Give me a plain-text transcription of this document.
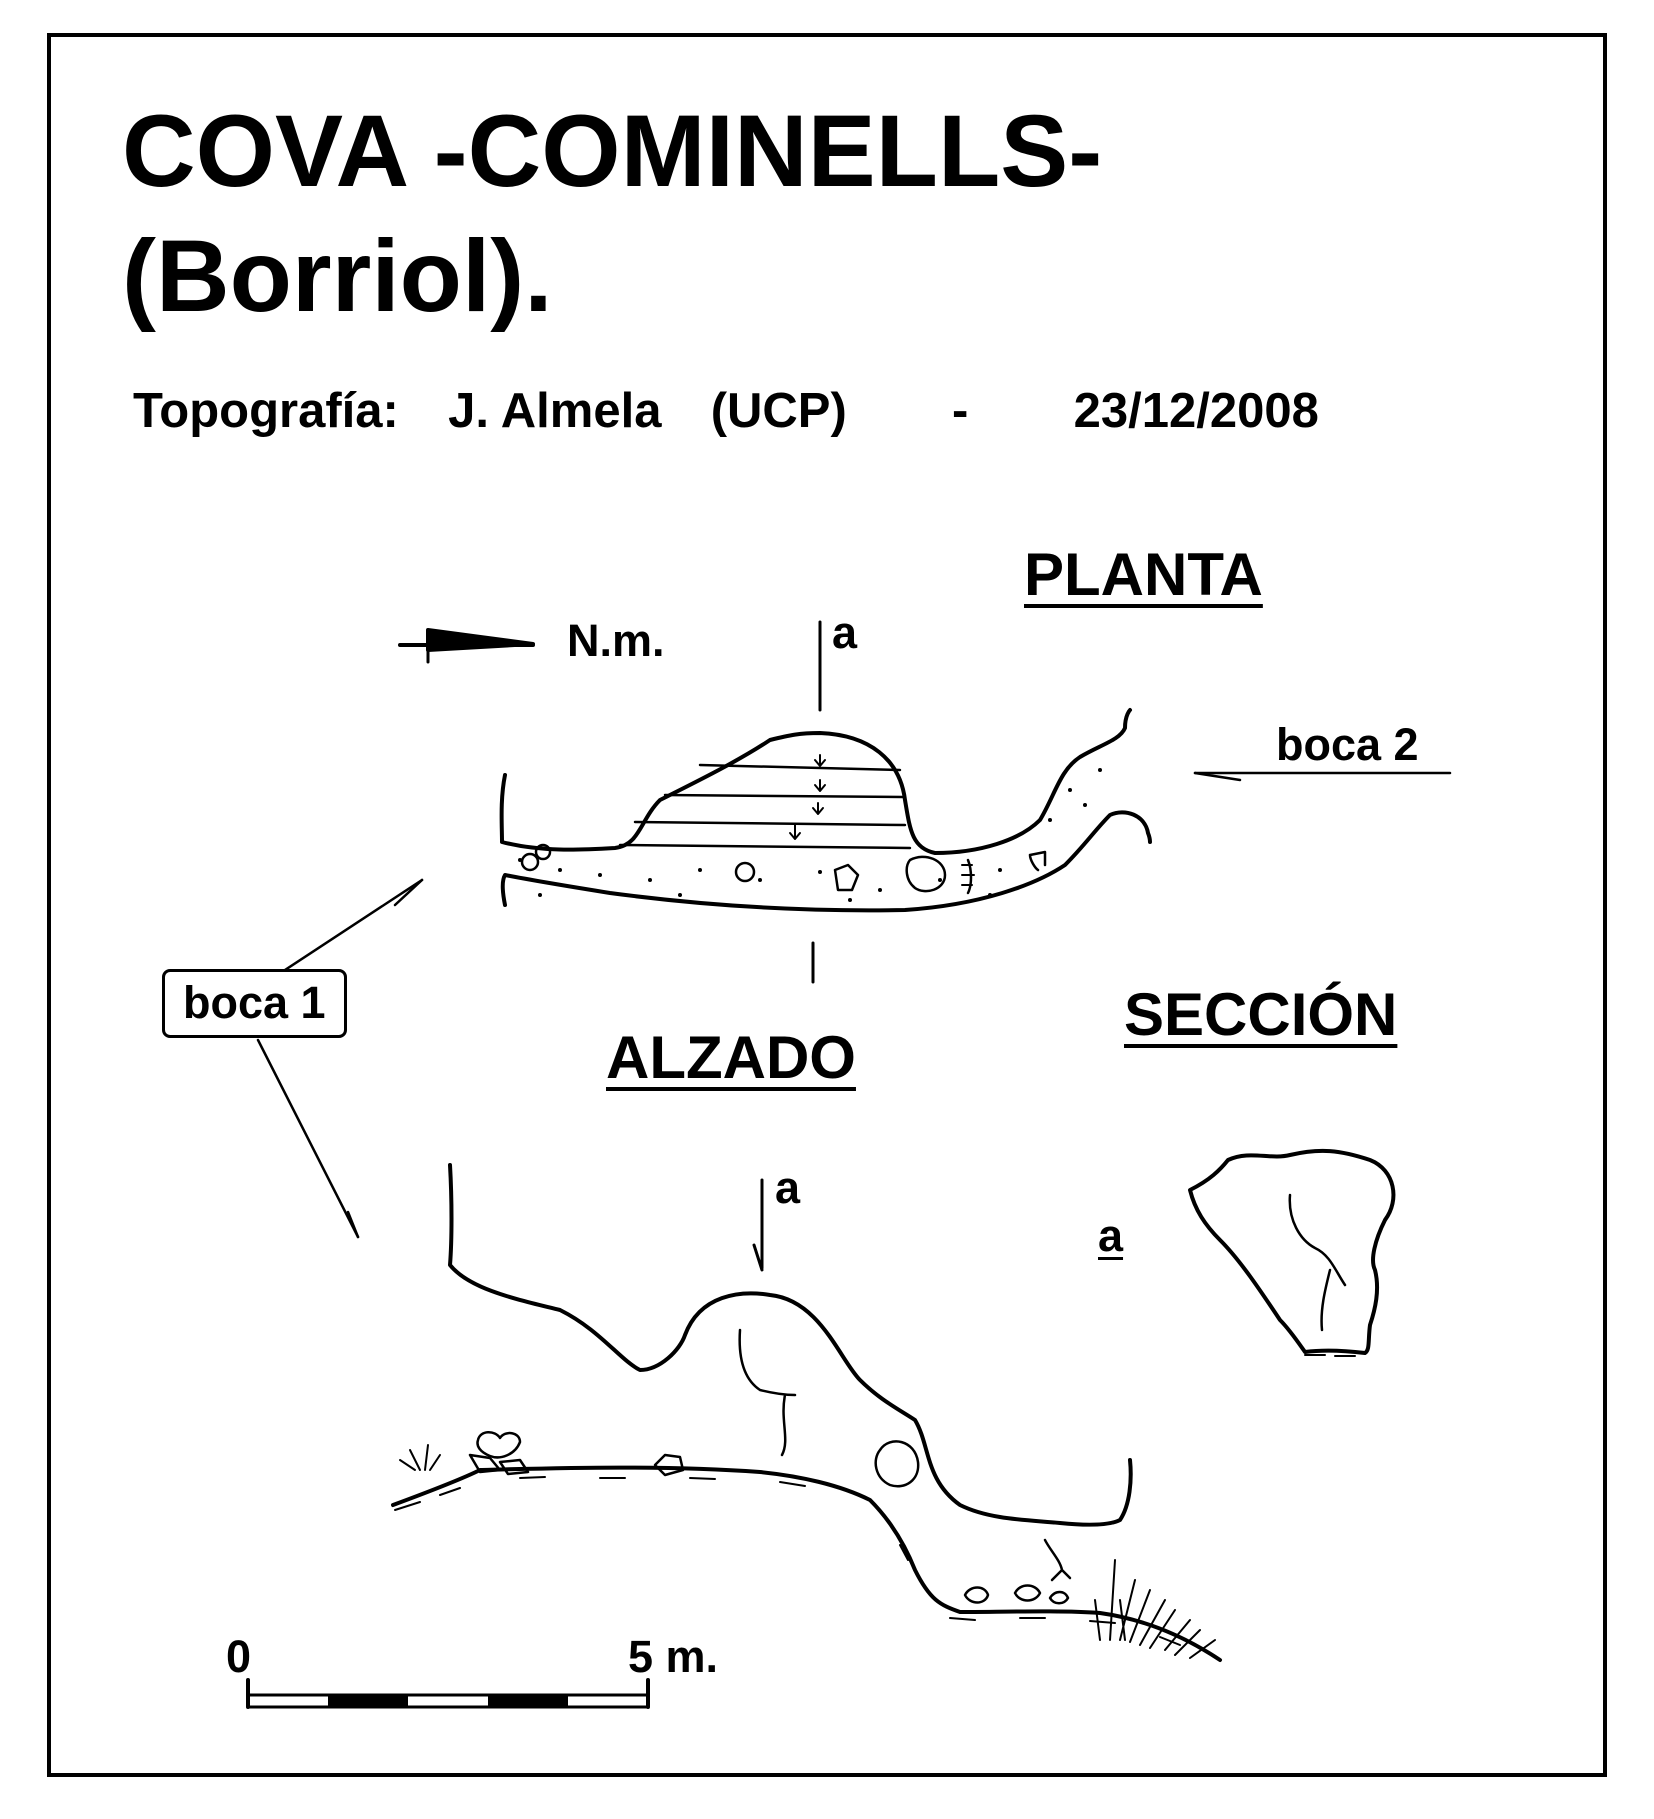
COVA -COMINELLS-
(Borriol).
Topografía: J. Almela (UCP) - 23/12/2008
PLANTA
ALZADO
SECCIÓN
N.m.
boca 2
a
a
a
boca 1
0	5 m.
